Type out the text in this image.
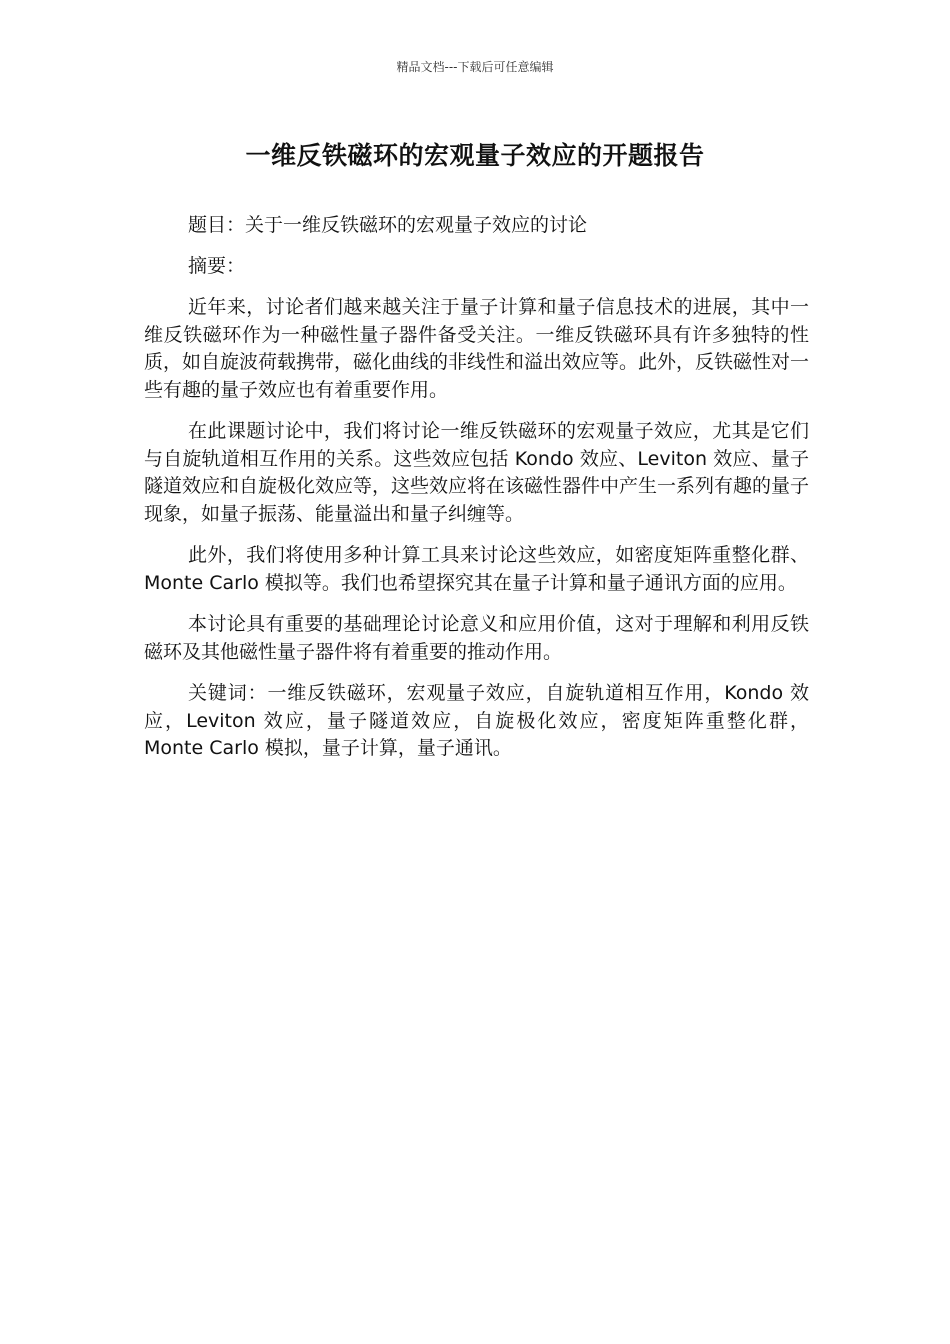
精品文档---下载后可任意编辑
一维反铁磁环的宏观量子效应的开题报告

题目：关于一维反铁磁环的宏观量子效应的讨论

摘要：

近年来，讨论者们越来越关注于量子计算和量子信息技术的进展，其中一维反铁磁环作为一种磁性量子器件备受关注。一维反铁磁环具有许多独特的性质，如自旋波荷载携带，磁化曲线的非线性和溢出效应等。此外，反铁磁性对一些有趣的量子效应也有着重要作用。

在此课题讨论中，我们将讨论一维反铁磁环的宏观量子效应，尤其是它们与自旋轨道相互作用的关系。这些效应包括 Kondo 效应、Leviton 效应、量子隧道效应和自旋极化效应等，这些效应将在该磁性器件中产生一系列有趣的量子现象，如量子振荡、能量溢出和量子纠缠等。

此外，我们将使用多种计算工具来讨论这些效应，如密度矩阵重整化群、Monte Carlo 模拟等。我们也希望探究其在量子计算和量子通讯方面的应用。

本讨论具有重要的基础理论讨论意义和应用价值，这对于理解和利用反铁磁环及其他磁性量子器件将有着重要的推动作用。

关键词：一维反铁磁环，宏观量子效应，自旋轨道相互作用，Kondo 效应，Leviton 效应，量子隧道效应，自旋极化效应，密度矩阵重整化群，Monte Carlo 模拟，量子计算，量子通讯。
